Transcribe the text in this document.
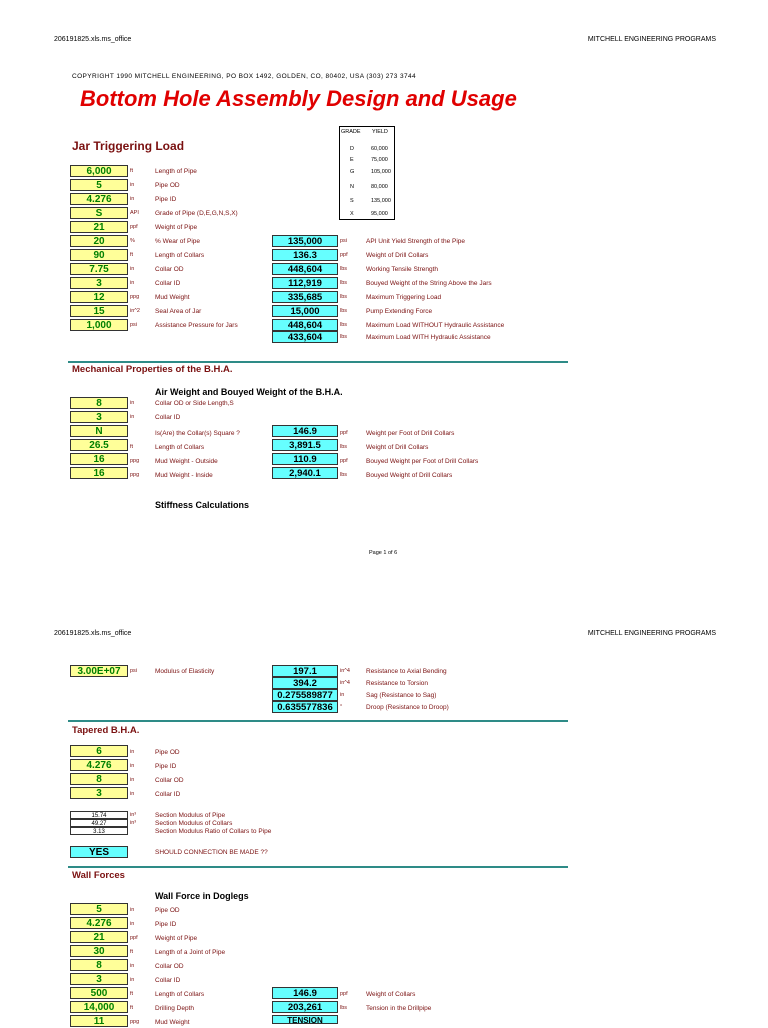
206191825.xls.ms_office	MITCHELL ENGINEERING PROGRAMS
COPYRIGHT 1990 MITCHELL ENGINEERING, PO BOX 1492, GOLDEN, CO, 80402, USA (303) 273 3744
Bottom Hole Assembly Design and Usage
Jar Triggering Load
GRADE YIELD
D	60,000
E	75,000
G	105,000
N	80,000
S	135,000
X	95,000
6,000	ft	Length of Pipe
5	in	Pipe OD
4.276	in	Pipe ID
S	API Grade of Pipe (D,E,G,N,S,X)
21	ppf	Weight of Pipe
20	%	% Wear of Pipe
90	ft	Length of Collars
7.75	in	Collar OD
3	in	Collar ID
12	ppg Mud Weight
15	in^2 Seal Area of Jar
1,000	psi	Assistance Pressure for Jars
135,000	psi	API Unit Yield Strength of the Pipe
136.3	ppf	Weight of Drill Collars
448,604	lbs	Working Tensile Strength
112,919	lbs	Bouyed Weight of the String Above the Jars
335,685	lbs	Maximum Triggering Load
15,000	lbs	Pump Extending Force
448,604	lbs	Maximum Load WITHOUT Hydraulic Assistance
433,604	lbs	Maximum Load WITH Hydraulic Assistance
Mechanical Properties of the B.H.A.
Air Weight and Bouyed Weight of the B.H.A.
8	in	Collar OD or Side Length,S
3	in	Collar ID
N	Is(Are) the Collar(s) Square ?
26.5	ft	Length of Collars
16	ppg Mud Weight - Outside
16	ppg Mud Weight - Inside
146.9	ppf	Weight per Foot of Drill Collars
3,891.5	lbs	Weight of Drill Collars
110.9	ppf	Bouyed Weight per Foot of Drill Collars
2,940.1	lbs	Bouyed Weight of Drill Collars
Stiffness Calculations
Page 1 of 6
206191825.xls.ms_office	MITCHELL ENGINEERING PROGRAMS
3.00E+07	psi	Modulus of Elasticity	197.1	in^4 Resistance to Axial Bending
394.2	in^4 Resistance to Torsion
0.275589877	in	Sag (Resistance to Sag)
0.635577836	°	Droop (Resistance to Droop)
Tapered B.H.A.
6	in	Pipe OD
4.276	in	Pipe ID
8	in	Collar OD
3	in	Collar ID
15.74	in³	Section Modulus of Pipe
49.27	in³	Section Modulus of Collars
3.13	Section Modulus Ratio of Collars to Pipe
YES	SHOULD CONNECTION BE MADE ??
Wall Forces
Wall Force in Doglegs
5	in	Pipe OD
4.276	in	Pipe ID
21	ppf	Weight of Pipe
30	ft	Length of a Joint of Pipe
8	in	Collar OD
3	in	Collar ID
500	ft	Length of Collars
14,000	ft	Drilling Depth
11	ppg Mud Weight
146.9	ppf	Weight of Collars
203,261	lbs	Tension in the Drillpipe
TENSION
